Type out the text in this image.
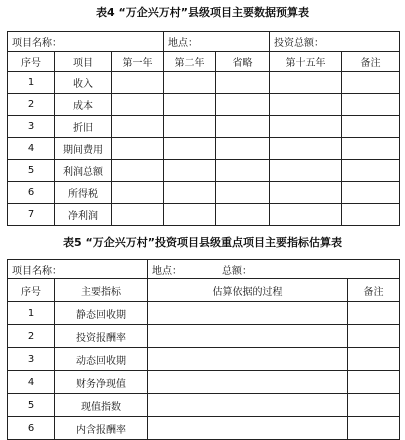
表4 “万企兴万村”县级项目主要数据预算表
项目名称：			地点：		投资总额：	
序号	项目	第一年	第二年	省略	第十五年	备注
1	收入					
2	成本					
3	折旧					
4	期间费用					
5	利润总额					
6	所得税					
7	净利润					
表5 “万企兴万村”投资项目县级重点项目主要指标估算表
项目名称：		地点： 总额：	
序号	主要指标	估算依据的过程	备注
1	静态回收期		
2	投资报酬率		
3	动态回收期		
4	财务净现值		
5	现值指数		
6	内含报酬率		
